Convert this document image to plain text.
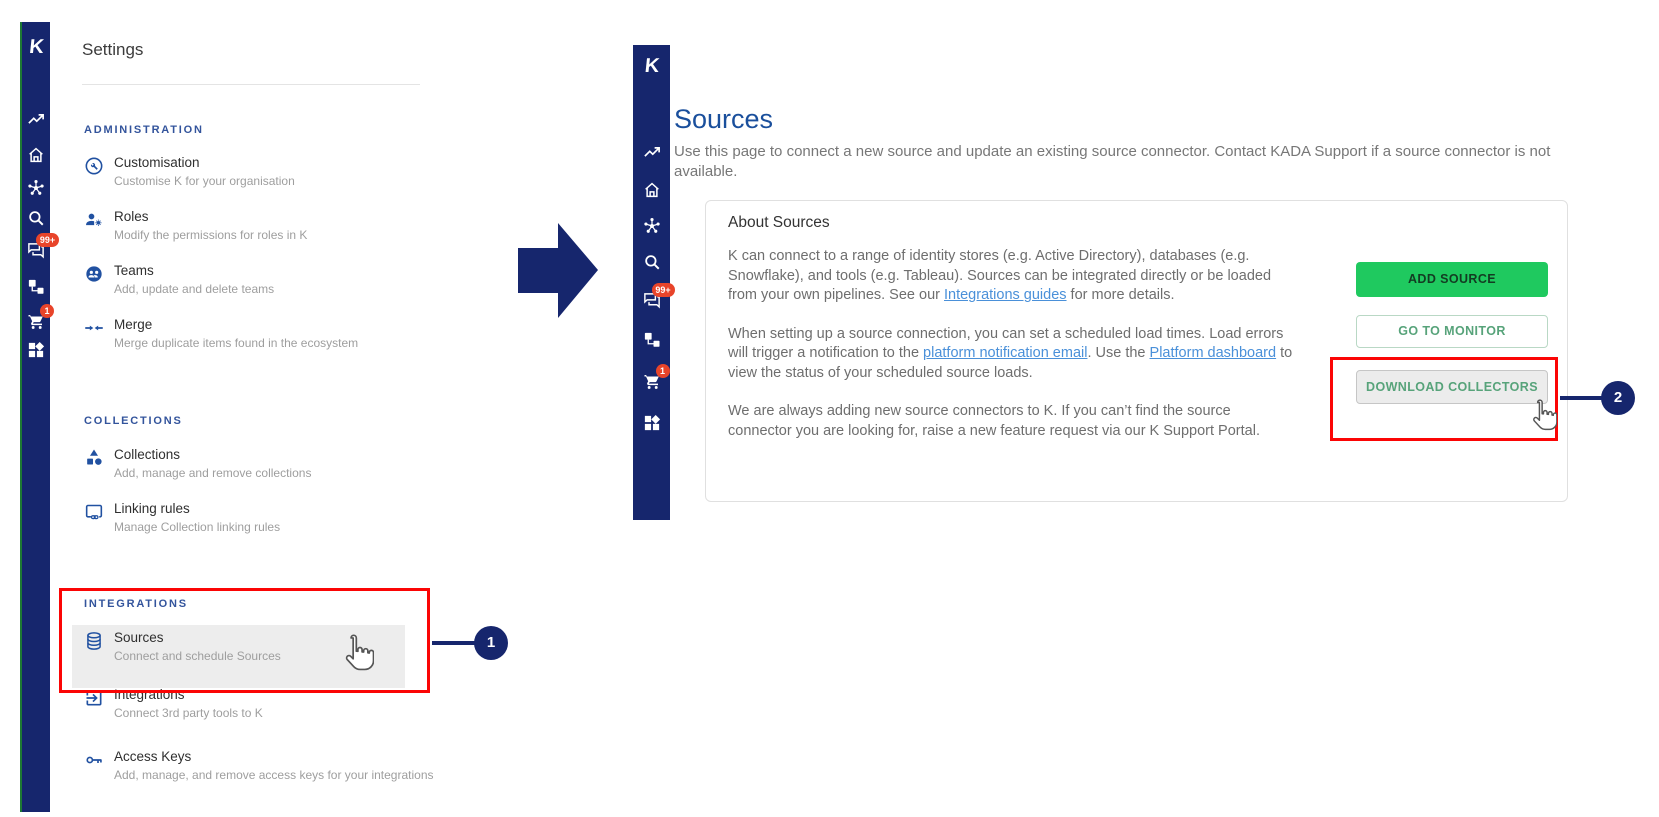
K
99+
1
Settings
ADMINISTRATION
Customisation
Customise K for your organisation
Roles
Modify the permissions for roles in K
Teams
Add, update and delete teams
Merge
Merge duplicate items found in the ecosystem
COLLECTIONS
Collections
Add, manage and remove collections
Linking rules
Manage Collection linking rules
INTEGRATIONS
Sources
Connect and schedule Sources
Integrations
Connect 3rd party tools to K
Access Keys
Add, manage, and remove access keys for your integrations
K
99+
1
Sources
Use this page to connect a new source and update an existing source connector. Contact KADA Support if a source connector is not available.
About Sources

K can connect to a range of identity stores (e.g. Active Directory), databases (e.g. Snowflake), and tools (e.g. Tableau). Sources can be integrated directly or be loaded from your own pipelines. See our Integrations guides for more details.

When setting up a source connection, you can set a scheduled load times. Load errors will trigger a notification to the platform notification email. Use the Platform dashboard to view the status of your scheduled source loads.

We are always adding new source connectors to K. If you can’t find the source connector you are looking for, raise a new feature request via our K Support Portal.

ADD SOURCE
GO TO MONITOR
DOWNLOAD COLLECTORS
1
2
